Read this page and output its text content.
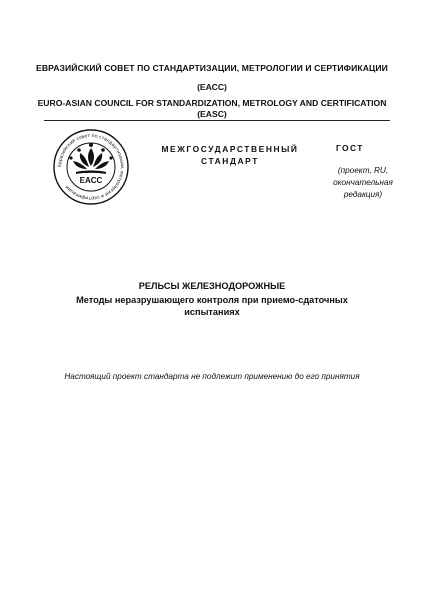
ЕВРАЗИЙСКИЙ СОВЕТ ПО СТАНДАРТИЗАЦИИ, МЕТРОЛОГИИ И СЕРТИФИКАЦИИ
(ЕАСС)
EURO-ASIAN COUNCIL FOR STANDARDIZATION, METROLOGY AND CERTIFICATION
(EASC)
Евразийский совет по стандартизации, метрологии и сертификации
EACC
МЕЖГОСУДАРСТВЕННЫЙ
СТАНДАРТ
ГОСТ
(проект, RU,
окончательная
редакция)
РЕЛЬСЫ ЖЕЛЕЗНОДОРОЖНЫЕ
Методы неразрушающего контроля при приемо-сдаточных
испытаниях
Настоящий проект стандарта не подлежит применению до его принятия
